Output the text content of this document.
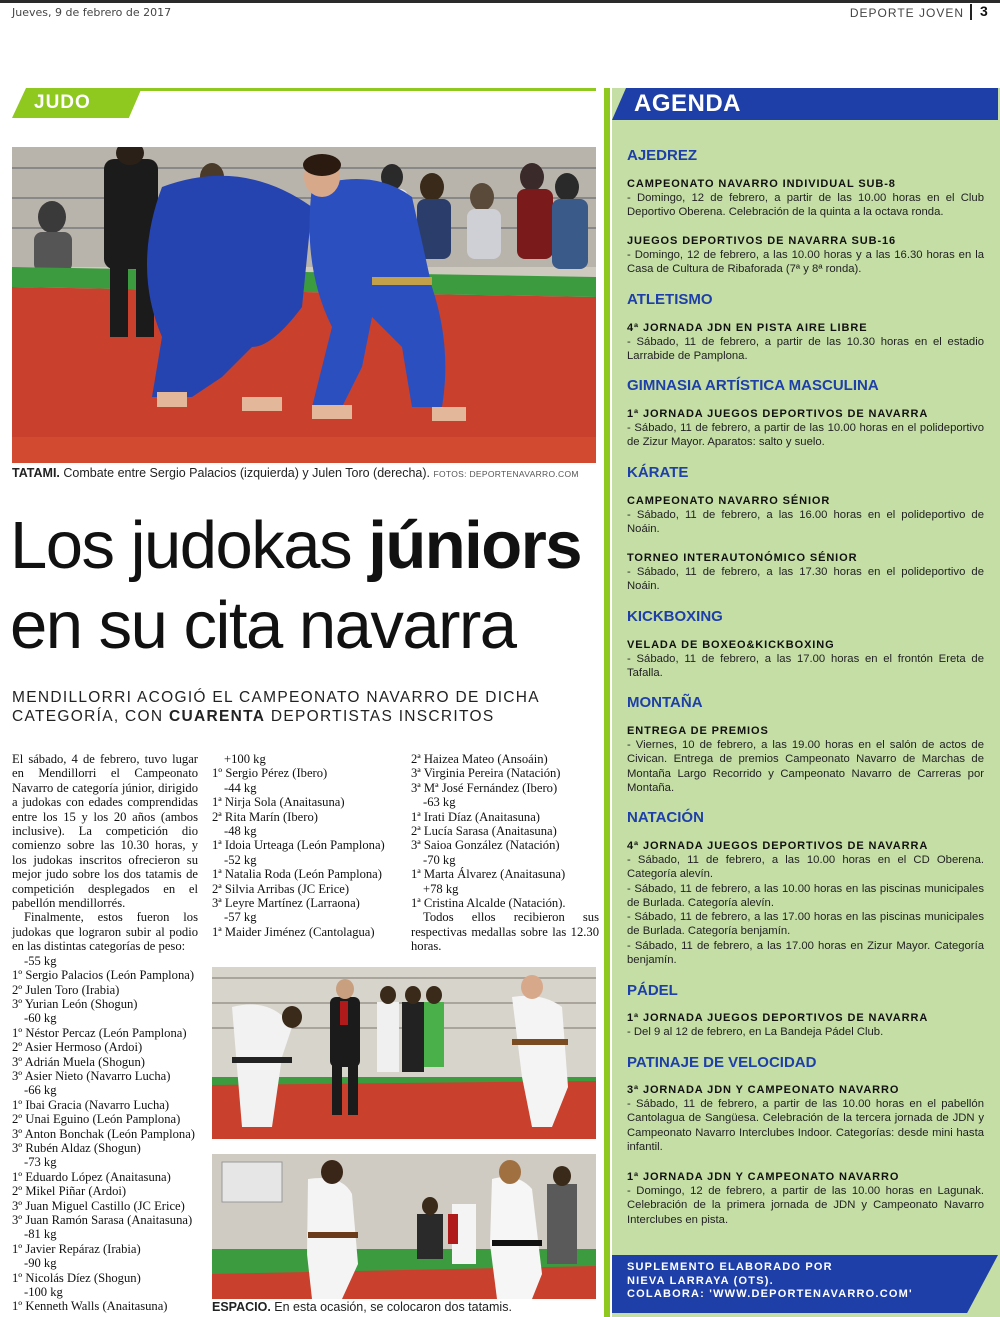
Jueves, 9 de febrero de 2017	DEPORTE JOVEN 3
JUDO
TATAMI. Combate entre Sergio Palacios (izquierda) y Julen Toro (derecha). FOTOS: DEPORTENAVARRO.COM
Los judokas júniors
en su cita navarra
MENDILLORRI ACOGIÓ EL CAMPEONATO NAVARRO DE DICHA CATEGORÍA, CON CUARENTA DEPORTISTAS INSCRITOS

El sábado, 4 de febrero, tuvo lugar en Mendillorri el Campeonato Navarro de categoría júnior, dirigido a judokas con edades comprendidas entre los 15 y los 20 años (ambos inclusive). La competición dio comienzo sobre las 10.30 horas, y los judokas inscritos ofrecieron su mejor judo sobre los dos tatamis de competición desplegados en el pabellón mendillorrés.

Finalmente, estos fueron los judokas que lograron subir al podio en las distintas categorías de peso:

-55 kg
1º Sergio Palacios (León Pamplona)
2º Julen Toro (Irabia)
3º Yurian León (Shogun)
-60 kg
1º Néstor Percaz (León Pamplona)
2º Asier Hermoso (Ardoi)
3º Adrián Muela (Shogun)
3º Asier Nieto (Navarro Lucha)
-66 kg
1º Ibai Gracia (Navarro Lucha)
2º Unai Eguino (León Pamplona)
3º Anton Bonchak (León Pamplona)
3º Rubén Aldaz (Shogun)
-73 kg
1º Eduardo López (Anaitasuna)
2º Mikel Piñar (Ardoi)
3º Juan Miguel Castillo (JC Erice)
3º Juan Ramón Sarasa (Anaitasuna)
-81 kg
1º Javier Repáraz (Irabia)
-90 kg
1º Nicolás Díez (Shogun)
-100 kg
1º Kenneth Walls (Anaitasuna)
+100 kg
1º Sergio Pérez (Ibero)
-44 kg
1ª Nirja Sola (Anaitasuna)
2ª Rita Marín (Ibero)
-48 kg
1ª Idoia Urteaga (León Pamplona)
-52 kg
1ª Natalia Roda (León Pamplona)
2ª Silvia Arribas (JC Erice)
3ª Leyre Martínez (Larraona)
-57 kg
1ª Maider Jiménez (Cantolagua)
2ª Haizea Mateo (Ansoáin)
3ª Virginia Pereira (Natación)
3ª Mª José Fernández (Ibero)
-63 kg
1ª Irati Díaz (Anaitasuna)
2ª Lucía Sarasa (Anaitasuna)
3ª Saioa González (Natación)
-70 kg
1ª Marta Álvarez (Anaitasuna)
+78 kg
1ª Cristina Alcalde (Natación).

Todos ellos recibieron sus respectivas medallas sobre las 12.30 horas.

ESPACIO. En esta ocasión, se colocaron dos tatamis.
AGENDA
AJEDREZ
CAMPEONATO NAVARRO INDIVIDUAL SUB-8
- Domingo, 12 de febrero, a partir de las 10.00 horas en el Club Deportivo Oberena. Celebración de la quinta a la octava ronda.
JUEGOS DEPORTIVOS DE NAVARRA SUB-16
- Domingo, 12 de febrero, a las 10.00 horas y a las 16.30 horas en la Casa de Cultura de Ribaforada (7ª y 8ª ronda).
ATLETISMO
4ª JORNADA JDN EN PISTA AIRE LIBRE
- Sábado, 11 de febrero, a partir de las 10.30 horas en el estadio Larrabide de Pamplona.
GIMNASIA ARTÍSTICA MASCULINA
1ª JORNADA JUEGOS DEPORTIVOS DE NAVARRA
- Sábado, 11 de febrero, a partir de las 10.00 horas en el polideportivo de Zizur Mayor. Aparatos: salto y suelo.
KÁRATE
CAMPEONATO NAVARRO SÉNIOR
- Sábado, 11 de febrero, a las 16.00 horas en el polideportivo de Noáin.
TORNEO INTERAUTONÓMICO SÉNIOR
- Sábado, 11 de febrero, a las 17.30 horas en el polideportivo de Noáin.
KICKBOXING
VELADA DE BOXEO&KICKBOXING
- Sábado, 11 de febrero, a las 17.00 horas en el frontón Ereta de Tafalla.
MONTAÑA
ENTREGA DE PREMIOS
- Viernes, 10 de febrero, a las 19.00 horas en el salón de actos de Civican. Entrega de premios Campeonato Navarro de Marchas de Montaña Largo Recorrido y Campeonato Navarro de Carreras por Montaña.
NATACIÓN
4ª JORNADA JUEGOS DEPORTIVOS DE NAVARRA
- Sábado, 11 de febrero, a las 10.00 horas en el CD Oberena. Categoría alevín.
- Sábado, 11 de febrero, a las 10.00 horas en las piscinas municipales de Burlada. Categoría alevín.
- Sábado, 11 de febrero, a las 17.00 horas en las piscinas municipales de Burlada. Categoría benjamín.
- Sábado, 11 de febrero, a las 17.00 horas en Zizur Mayor. Categoría benjamín.
PÁDEL
1ª JORNADA JUEGOS DEPORTIVOS DE NAVARRA
- Del 9 al 12 de febrero, en La Bandeja Pádel Club.
PATINAJE DE VELOCIDAD
3ª JORNADA JDN Y CAMPEONATO NAVARRO
- Sábado, 11 de febrero, a partir de las 10.00 horas en el pabellón Cantolagua de Sangüesa. Celebración de la tercera jornada de JDN y Campeonato Navarro Interclubes Indoor. Categorías: desde mini hasta infantil.
1ª JORNADA JDN Y CAMPEONATO NAVARRO
- Domingo, 12 de febrero, a partir de las 10.00 horas en Lagunak. Celebración de la primera jornada de JDN y Campeonato Navarro Interclubes en pista.
SUPLEMENTO ELABORADO POR
NIEVA LARRAYA (OTS).
COLABORA: 'WWW.DEPORTENAVARRO.COM'
